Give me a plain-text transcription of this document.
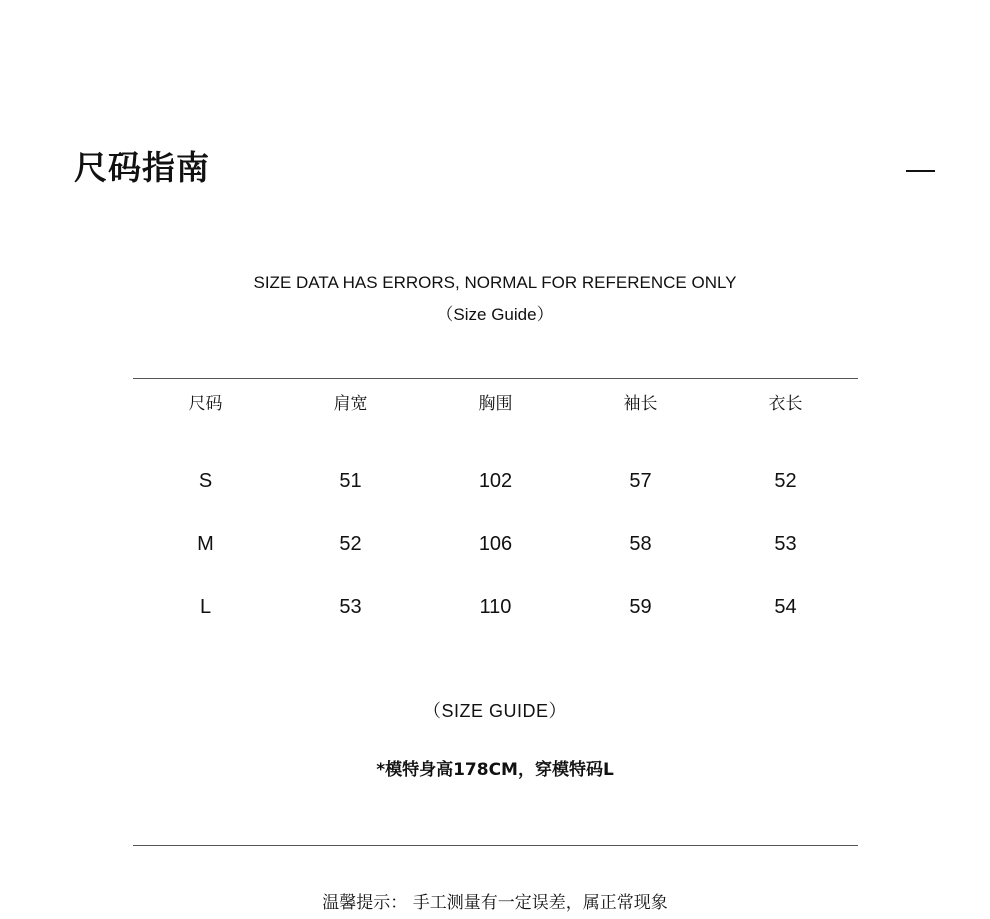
尺码指南
SIZE DATA HAS ERRORS, NORMAL FOR REFERENCE ONLY
（Size Guide）
尺码	肩宽	胸围	袖长	衣长
S	51	102	57	52
M	52	106	58	53
L	53	110	59	54
（SIZE GUIDE）
*模特身高178CM，穿模特码L
温馨提示： 手工测量有一定误差，属正常现象
